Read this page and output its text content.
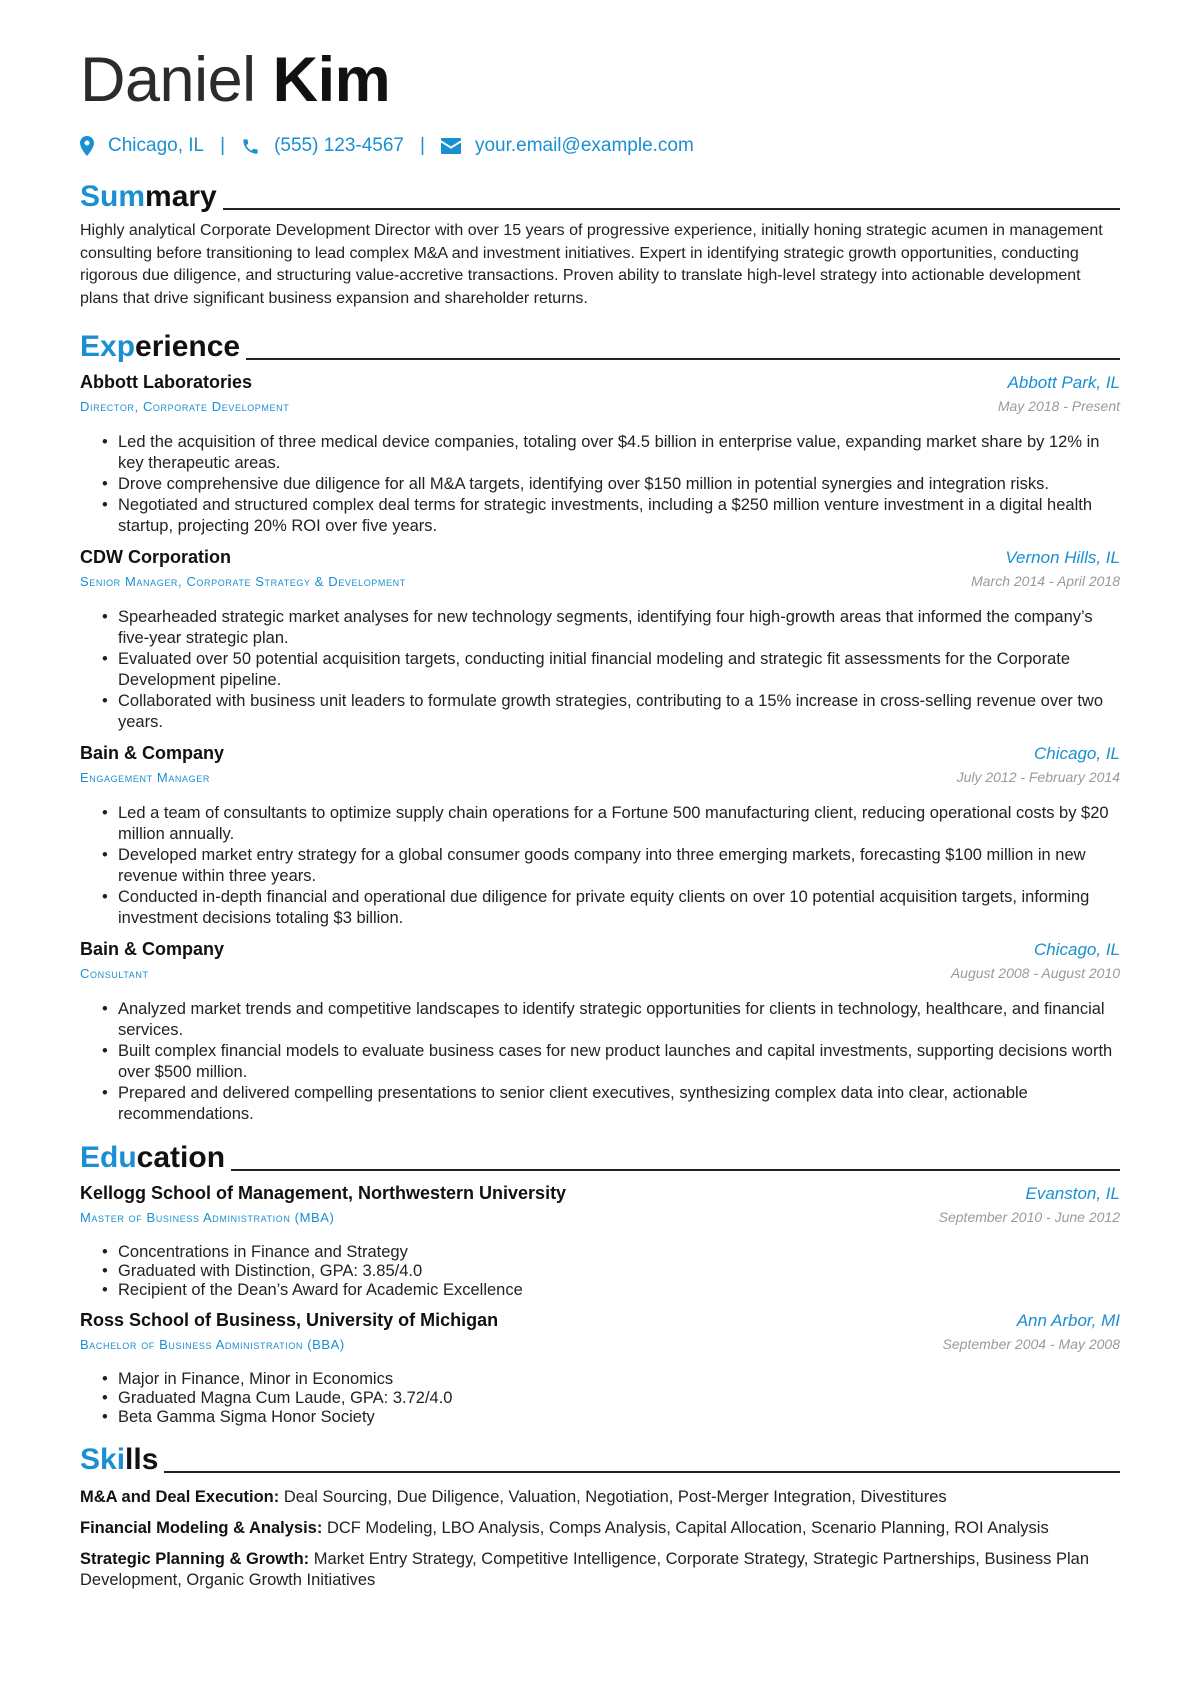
Daniel Kim
Chicago, IL |	(555) 123-4567 |	your.email@example.com
Summary

Highly analytical Corporate Development Director with over 15 years of progressive experience, initially honing strategic acumen in management consulting before transitioning to lead complex M&A and investment initiatives. Expert in identifying strategic growth opportunities, conducting rigorous due diligence, and structuring value-accretive transactions. Proven ability to translate high-level strategy into actionable development plans that drive significant business expansion and shareholder returns.

Experience
Abbott Laboratories	Abbott Park, IL
Director, Corporate Development	May 2018 - Present
• Led the acquisition of three medical device companies, totaling over $4.5 billion in enterprise value, expanding market share by 12% in key therapeutic areas.
• Drove comprehensive due diligence for all M&A targets, identifying over $150 million in potential synergies and integration risks.
• Negotiated and structured complex deal terms for strategic investments, including a $250 million venture investment in a digital health startup, projecting 20% ROI over five years.
CDW Corporation	Vernon Hills, IL
Senior Manager, Corporate Strategy & Development	March 2014 - April 2018
• Spearheaded strategic market analyses for new technology segments, identifying four high-growth areas that informed the company’s five-year strategic plan.
• Evaluated over 50 potential acquisition targets, conducting initial financial modeling and strategic fit assessments for the Corporate Development pipeline.
• Collaborated with business unit leaders to formulate growth strategies, contributing to a 15% increase in cross-selling revenue over two years.
Bain & Company	Chicago, IL
Engagement Manager	July 2012 - February 2014
• Led a team of consultants to optimize supply chain operations for a Fortune 500 manufacturing client, reducing operational costs by $20 million annually.
• Developed market entry strategy for a global consumer goods company into three emerging markets, forecasting $100 million in new revenue within three years.
• Conducted in-depth financial and operational due diligence for private equity clients on over 10 potential acquisition targets, informing investment decisions totaling $3 billion.
Bain & Company	Chicago, IL
Consultant	August 2008 - August 2010
• Analyzed market trends and competitive landscapes to identify strategic opportunities for clients in technology, healthcare, and financial services.
• Built complex financial models to evaluate business cases for new product launches and capital investments, supporting decisions worth over $500 million.
• Prepared and delivered compelling presentations to senior client executives, synthesizing complex data into clear, actionable recommendations.
Education
Kellogg School of Management, Northwestern University	Evanston, IL
Master of Business Administration (MBA)	September 2010 - June 2012
• Concentrations in Finance and Strategy
• Graduated with Distinction, GPA: 3.85/4.0
• Recipient of the Dean’s Award for Academic Excellence
Ross School of Business, University of Michigan	Ann Arbor, MI
Bachelor of Business Administration (BBA)	September 2004 - May 2008
• Major in Finance, Minor in Economics
• Graduated Magna Cum Laude, GPA: 3.72/4.0
• Beta Gamma Sigma Honor Society
Skills
M&A and Deal Execution: Deal Sourcing, Due Diligence, Valuation, Negotiation, Post-Merger Integration, Divestitures
Financial Modeling & Analysis: DCF Modeling, LBO Analysis, Comps Analysis, Capital Allocation, Scenario Planning, ROI Analysis
Strategic Planning & Growth: Market Entry Strategy, Competitive Intelligence, Corporate Strategy, Strategic Partnerships, Business Plan Development, Organic Growth Initiatives
